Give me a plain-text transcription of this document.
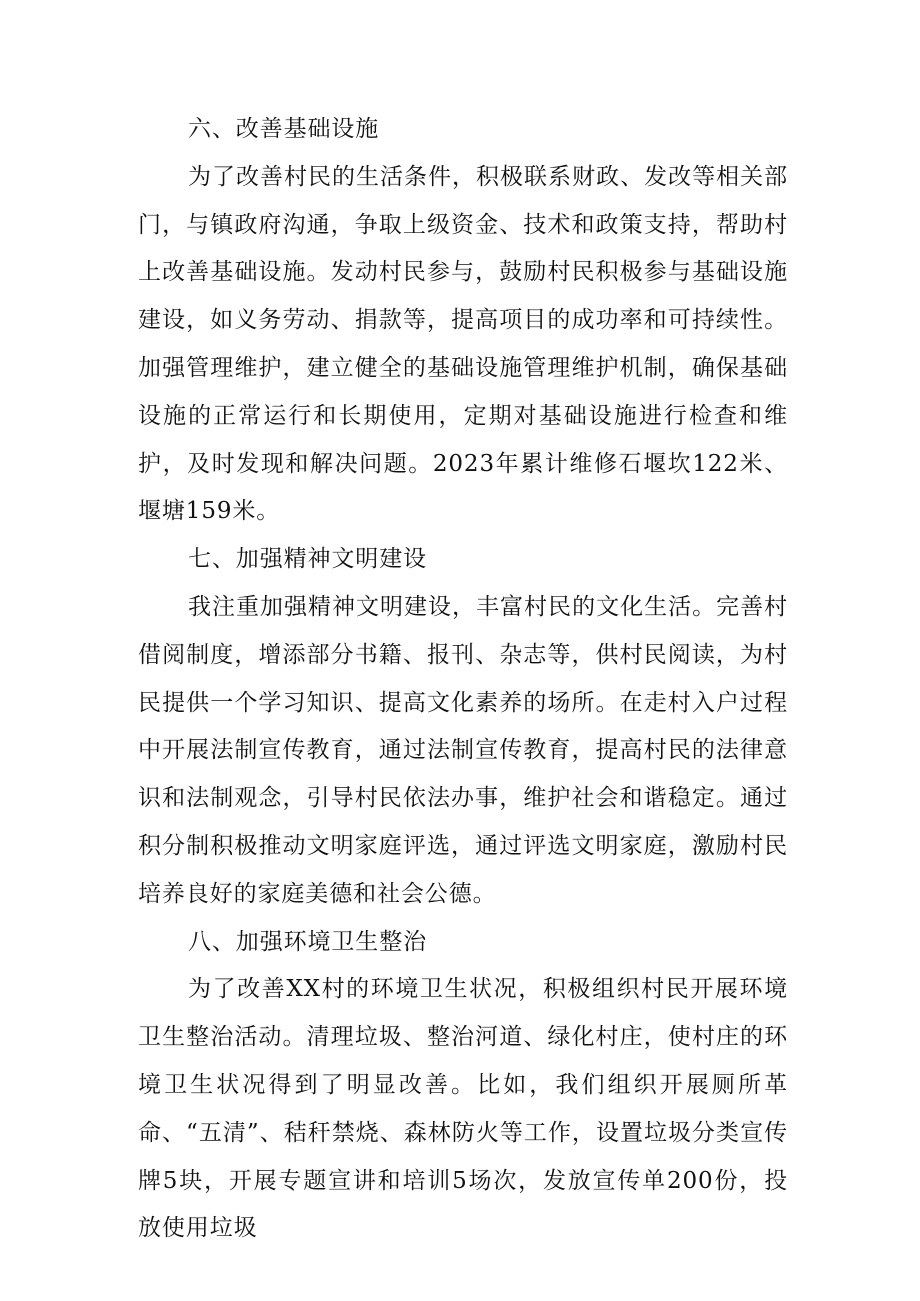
六、改善基础设施

为了改善村民的生活条件，积极联系财政、发改等相关部门，与镇政府沟通，争取上级资金、技术和政策支持，帮助村上改善基础设施。发动村民参与，鼓励村民积极参与基础设施建设，如义务劳动、捐款等，提高项目的成功率和可持续性。加强管理维护，建立健全的基础设施管理维护机制，确保基础设施的正常运行和长期使用，定期对基础设施进行检查和维护，及时发现和解决问题。2023年累计维修石堰坎122米、堰塘159米。

七、加强精神文明建设

我注重加强精神文明建设，丰富村民的文化生活。完善村借阅制度，增添部分书籍、报刊、杂志等，供村民阅读，为村民提供一个学习知识、提高文化素养的场所。在走村入户过程中开展法制宣传教育，通过法制宣传教育，提高村民的法律意识和法制观念，引导村民依法办事，维护社会和谐稳定。通过积分制积极推动文明家庭评选，通过评选文明家庭，激励村民培养良好的家庭美德和社会公德。

八、加强环境卫生整治

为了改善XX村的环境卫生状况，积极组织村民开展环境卫生整治活动。清理垃圾、整治河道、绿化村庄，使村庄的环境卫生状况得到了明显改善。比如，我们组织开展厕所革命、“五清”、秸秆禁烧、森林防火等工作，设置垃圾分类宣传牌5块，开展专题宣讲和培训5场次，发放宣传单200份，投放使用垃圾
